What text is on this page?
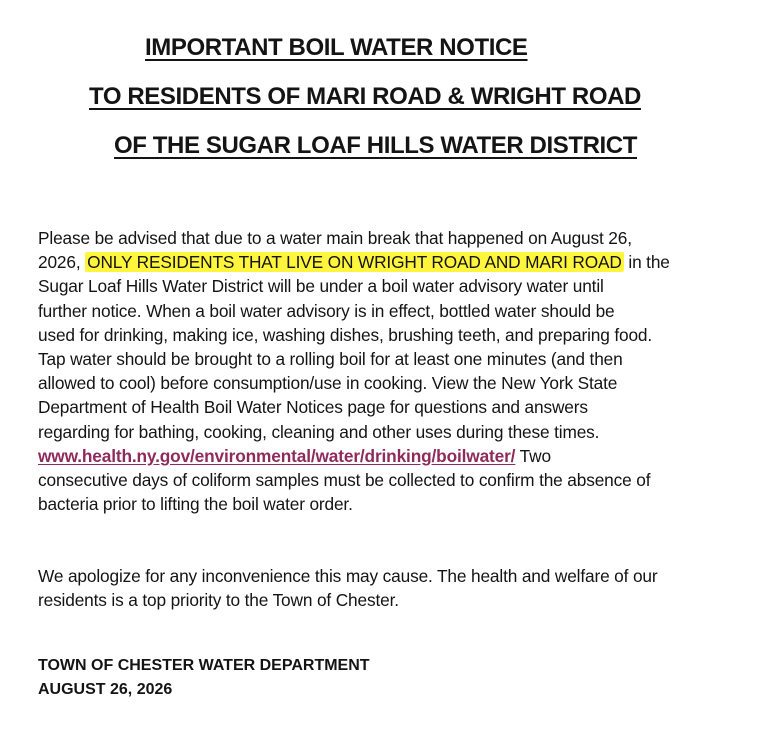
IMPORTANT BOIL WATER NOTICE
TO RESIDENTS OF MARI ROAD & WRIGHT ROAD
OF THE SUGAR LOAF HILLS WATER DISTRICT
Please be advised that due to a water main break that happened on August 26,
2026, ONLY RESIDENTS THAT LIVE ON WRIGHT ROAD AND MARI ROAD in the
Sugar Loaf Hills Water District will be under a boil water advisory water until
further notice. When a boil water advisory is in effect, bottled water should be
used for drinking, making ice, washing dishes, brushing teeth, and preparing food.
Tap water should be brought to a rolling boil for at least one minutes (and then
allowed to cool) before consumption/use in cooking. View the New York State
Department of Health Boil Water Notices page for questions and answers
regarding for bathing, cooking, cleaning and other uses during these times.
www.health.ny.gov/environmental/water/drinking/boilwater/ Two
consecutive days of coliform samples must be collected to confirm the absence of
bacteria prior to lifting the boil water order.
We apologize for any inconvenience this may cause. The health and welfare of our
residents is a top priority to the Town of Chester.
TOWN OF CHESTER WATER DEPARTMENT
AUGUST 26, 2026
